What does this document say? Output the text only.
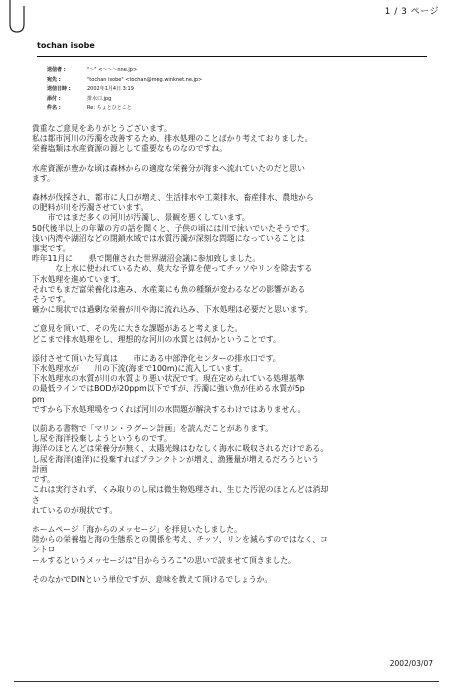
1 / 3 ページ
tochan isobe
送信者 :	"～" <～～～nne.jp>
宛先 :	"tochan isobe" <tochan@meg.winknet.ne.jp>
送信日時 :	2002年1月4日 3:19
添付 :	排水口.jpg
件名 :	Re: ちょとひとこと
貴重なご意見をありがとうございます。
私は都市河川の汚濁を改善するため、排水処理のことばかり考えておりました。
栄養塩類は水産資源の源として重要なものなのですね。
水産資源が豊かな頃は森林からの適度な栄養分が海まへ流れていたのだと思い
ます。
森林が伐採され、都市に人口が増え、生活排水や工業排水、畜産排水、農地から
の肥料が川を汚濁させています。
　　市ではまだ多くの河川が汚濁し、景観を悪くしています。
50代後半以上の年輩の方の話を聞くと、子供の頃には川で泳いでいたそうです。
浅い内湾や湖沼などの閉鎖水域では水質汚濁が深刻な問題になっていることは
事実です。
昨年11月に　　県で開催された世界湖沼会議に参加致しました。
　　　な上水に使われているため、莫大な予算を使ってチッソやリンを除去する
下水処理を進めています。
それでもまだ富栄養化は進み、水産業にも魚の種類が変わるなどの影響がある
そうです。
確かに現状では過剰な栄養が川や海に流れ込み、下水処理は必要だと思います。
ご意見を頂いて、その先に大きな課題があると考えました。
どこまで排水処理をし、理想的な河川の水質とは何かということです。
添付させて頂いた写真は　　市にある中部浄化センターの排水口です。
下水処理水が　　川の下流(海まで100m)に流入しています。
下水処理水の水質が川の水質より悪い状況です。現在定められている処理基準
の最低ラインではBODが20ppm以下ですが、汚濁に強い魚が住める水質が5p
pm
ですから下水処理場をつくれば河川の水問題が解決するわけではありません。
以前ある書物で「マリン・ラグーン計画」を読んだことがあります。
し尿を海洋投棄しようというものです。
海洋のほとんどは栄養分が無く、太陽光線はむなしく海水に吸収されるだけである。
し尿を海洋(遠洋)に投棄すればプランクトンが増え、漁獲量が増えるだろうという
計画
です。
これは実行されず、くみ取りのし尿は微生物処理され、生じた汚泥のほとんどは消却
さ
れているのが現状です。
ホームページ「海からのメッセージ」を拝見いたしました。
陸からの栄養塩と海の生態系との関係を考え、チッソ、リンを減らすのではなく、コ
ントロ
ールするというメッセージは"目からうろこ"の思いで読ませて頂きました。
そのなかでDINという単位ですが、意味を教えて頂けるでしょうか。
2002/03/07
